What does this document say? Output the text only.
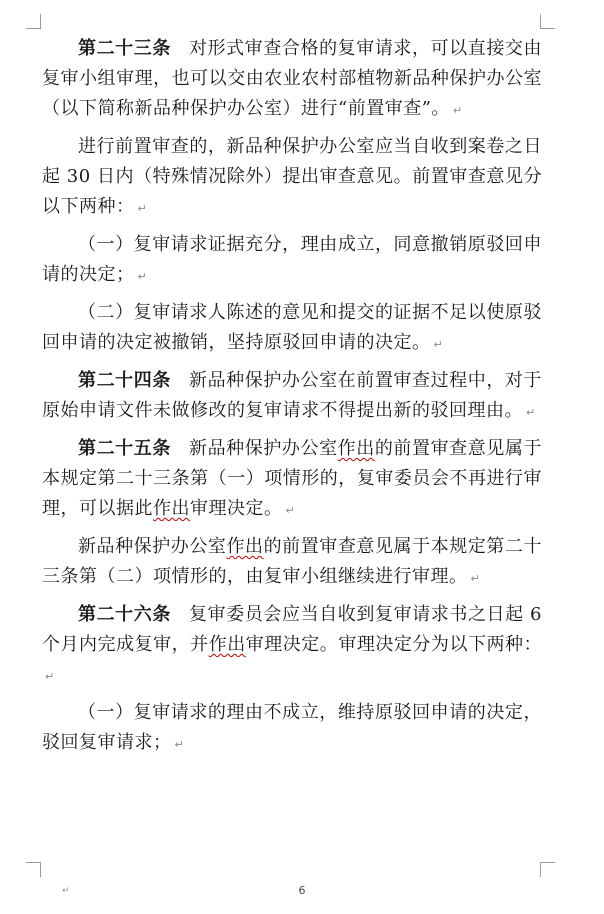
第二十三条 对形式审查合格的复审请求，可以直接交由复审小组审理，也可以交由农业农村部植物新品种保护办公室（以下简称新品种保护办公室）进行“前置审查”。 ↵

进行前置审查的，新品种保护办公室应当自收到案卷之日起 30 日内（特殊情况除外）提出审查意见。前置审查意见分以下两种： ↵

（一）复审请求证据充分，理由成立，同意撤销原驳回申请的决定； ↵

（二）复审请求人陈述的意见和提交的证据不足以使原驳回申请的决定被撤销，坚持原驳回申请的决定。 ↵

第二十四条 新品种保护办公室在前置审查过程中，对于原始申请文件未做修改的复审请求不得提出新的驳回理由。 ↵

第二十五条 新品种保护办公室作出的前置审查意见属于本规定第二十三条第（一）项情形的，复审委员会不再进行审理，可以据此作出审理决定。 ↵

新品种保护办公室作出的前置审查意见属于本规定第二十三条第（二）项情形的，由复审小组继续进行审理。 ↵

第二十六条 复审委员会应当自收到复审请求书之日起 6 个月内完成复审，并作出审理决定。审理决定分为以下两种：↵

（一）复审请求的理由不成立，维持原驳回申请的决定，驳回复审请求； ↵

↵	6
